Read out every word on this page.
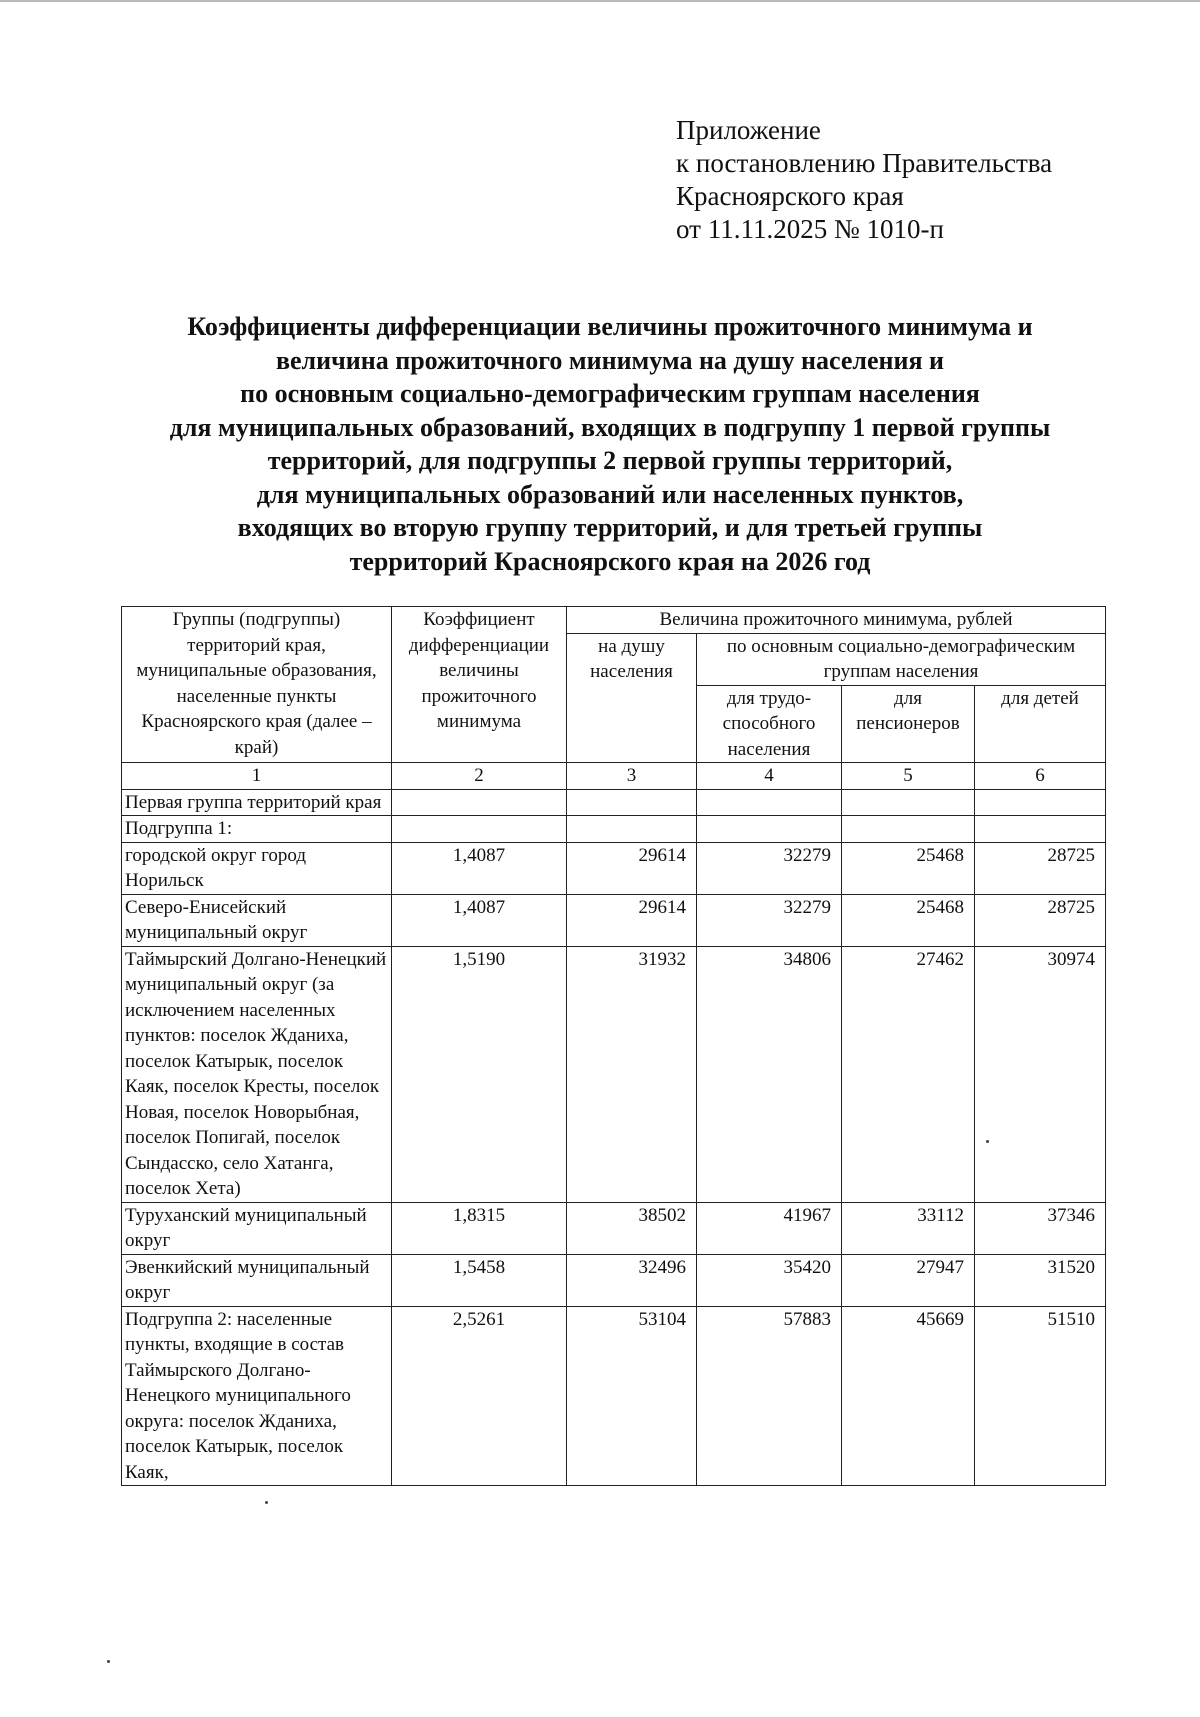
Приложение
к постановлению Правительства
Красноярского края
от 11.11.2025 № 1010-п
Коэффициенты дифференциации величины прожиточного минимума и
величина прожиточного минимума на душу населения и
по основным социально-демографическим группам населения
для муниципальных образований, входящих в подгруппу 1 первой группы
территорий, для подгруппы 2 первой группы территорий,
для муниципальных образований или населенных пунктов,
входящих во вторую группу территорий, и для третьей группы
территорий Красноярского края на 2026 год
Группы (подгруппы) территорий края, муниципальные образования, населенные пункты Красноярского края (далее – край)	Коэффициент дифференциации величины прожиточного минимума	Величина прожиточного минимума, рублей			
		на душу населения	по основным социально-демографическим группам населения		
			для трудо-способного населения	для пенсионеров	для детей
1	2	3	4	5	6
Первая группа территорий края					
Подгруппа 1:					
городской округ город Норильск	1,4087	29614	32279	25468	28725
Северо-Енисейский муниципальный округ	1,4087	29614	32279	25468	28725
Таймырский Долгано-Ненецкий муниципальный округ (за исключением населенных пунктов: поселок Жданиха, поселок Катырык, поселок Каяк, поселок Кресты, поселок Новая, поселок Новорыбная, поселок Попигай, поселок Сындасско, село Хатанга, поселок Хета)	1,5190	31932	34806	27462	30974
Туруханский муниципальный округ	1,8315	38502	41967	33112	37346
Эвенкийский муниципальный округ	1,5458	32496	35420	27947	31520
Подгруппа 2: населенные пункты, входящие в состав Таймырского Долгано-Ненецкого муниципального округа: поселок Жданиха, поселок Катырык, поселок Каяк,	2,5261	53104	57883	45669	51510
